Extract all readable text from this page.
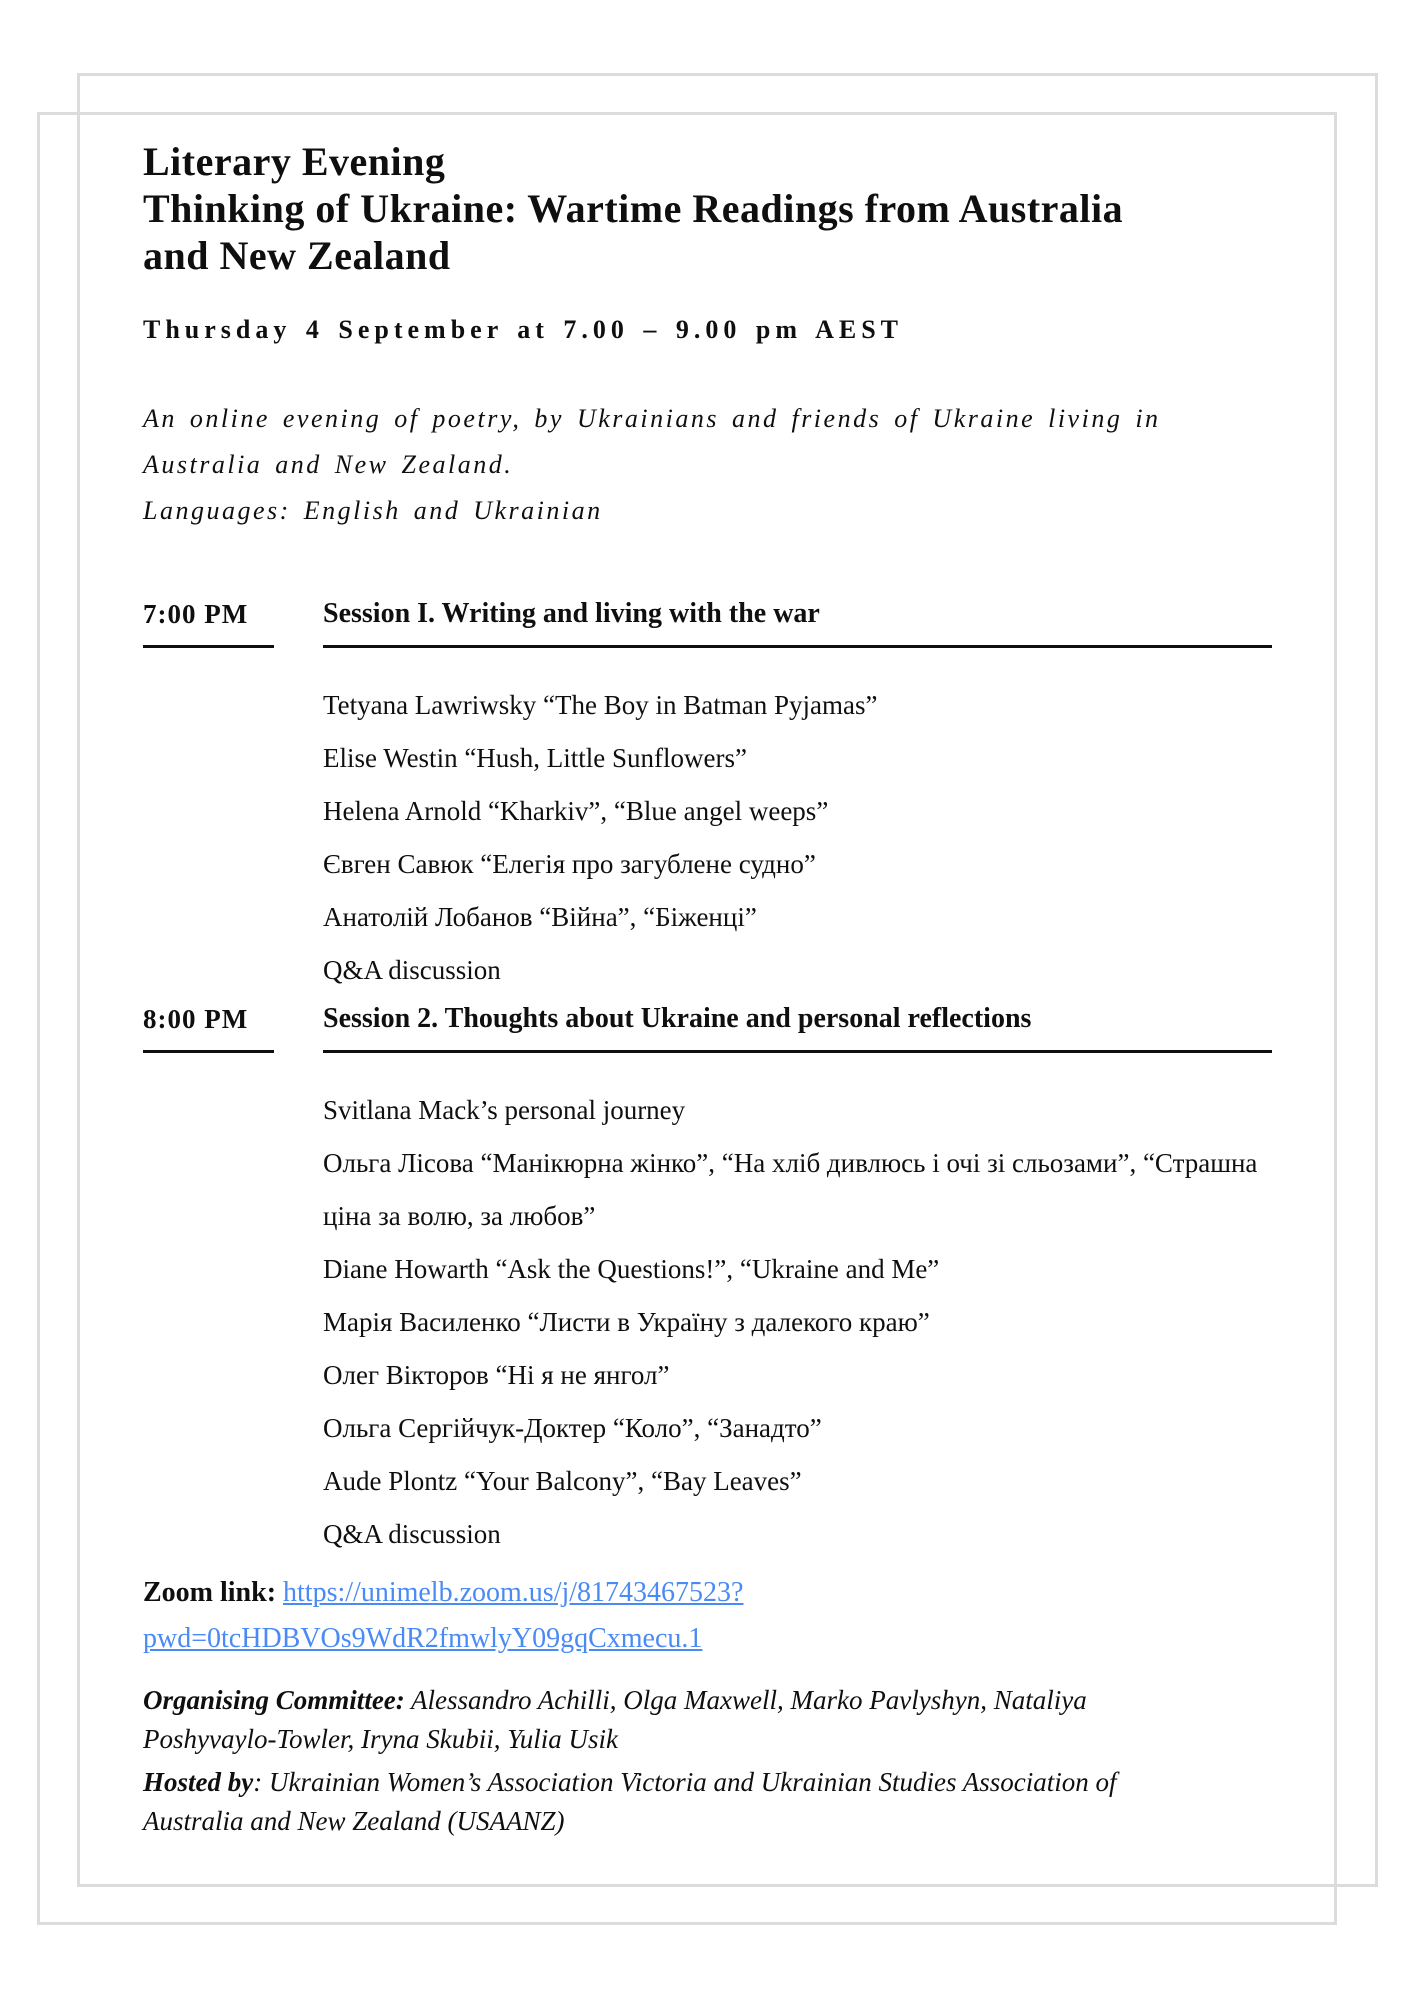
Literary Evening
Thinking of Ukraine: Wartime Readings from Australia
and New Zealand
Thursday 4 September at 7.00 – 9.00 pm AEST

An online evening of poetry, by Ukrainians and friends of Ukraine living in Australia and New Zealand.

Languages: English and Ukrainian

7:00 PM	Session I. Writing and living with the war
Tetyana Lawriwsky “The Boy in Batman Pyjamas”
Elise Westin “Hush, Little Sunflowers”
Helena Arnold “Kharkiv”, “Blue angel weeps”
Євген Савюк “Елегія про загублене судно”
Анатолій Лобанов “Війна”, “Біженці”
Q&A discussion
8:00 PM	Session 2. Thoughts about Ukraine and personal reflections
Svitlana Mack’s personal journey
Ольга Лісова “Манікюрна жінко”, “На хліб дивлюсь і очі зі сльозами”, “Страшна ціна за волю, за любов”
Diane Howarth “Ask the Questions!”, “Ukraine and Me”
Марія Василенко “Листи в Україну з далекого краю”
Олег Вікторов “Ні я не янгол”
Ольга Сергійчук-Доктер “Коло”, “Занадто”
Aude Plontz “Your Balcony”, “Bay Leaves”
Q&A discussion
Zoom link: https://unimelb.zoom.us/j/81743467523?
pwd=0tcHDBVOs9WdR2fmwlyY09gqCxmecu.1

Organising Committee: Alessandro Achilli, Olga Maxwell, Marko Pavlyshyn, Nataliya Poshyvaylo-Towler, Iryna Skubii, Yulia Usik

Hosted by: Ukrainian Women’s Association Victoria and Ukrainian Studies Association of Australia and New Zealand (USAANZ)
